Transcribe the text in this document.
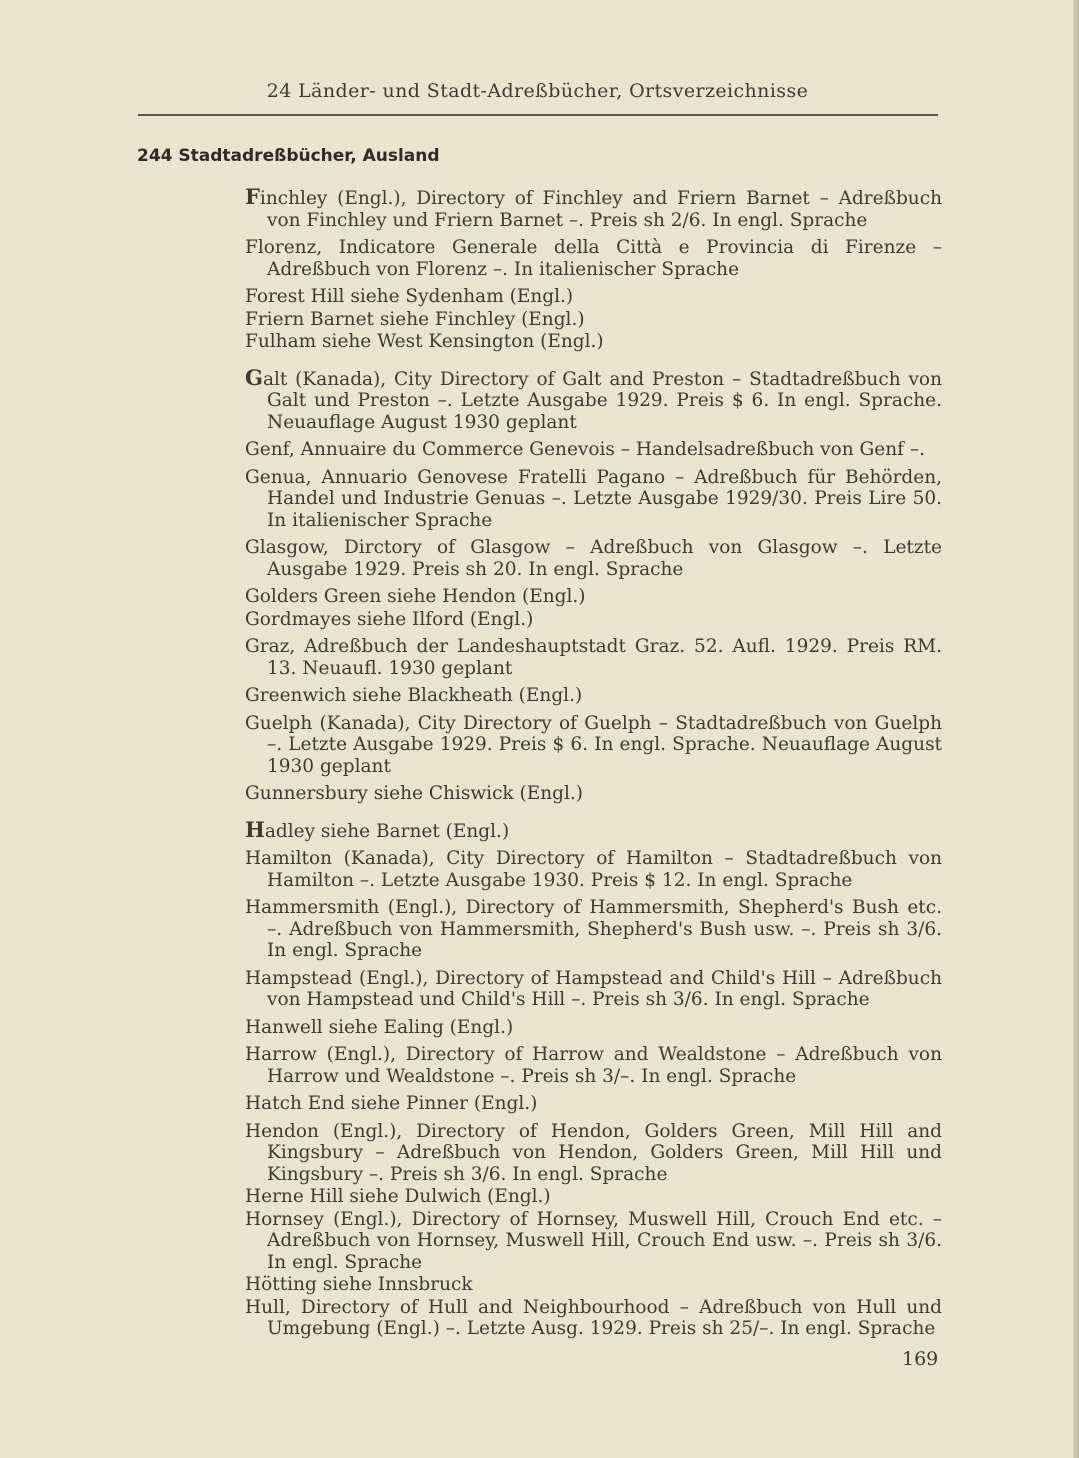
24 Länder- und Stadt-Adreßbücher, Ortsverzeichnisse
244 Stadtadreßbücher, Ausland

Finchley (Engl.), Directory of Finchley and Friern Barnet – Adreßbuch von Finchley und Friern Barnet –. Preis sh 2/6. In engl. Sprache

Florenz, Indicatore Generale della Città e Provincia di Firenze – Adreßbuch von Florenz –. In italienischer Sprache

Forest Hill siehe Sydenham (Engl.)

Friern Barnet siehe Finchley (Engl.)

Fulham siehe West Kensington (Engl.)

Galt (Kanada), City Directory of Galt and Preston – Stadtadreßbuch von Galt und Preston –. Letzte Ausgabe 1929. Preis $ 6. In engl. Sprache. Neuauflage August 1930 geplant

Genf, Annuaire du Commerce Genevois – Handelsadreßbuch von Genf –.

Genua, Annuario Genovese Fratelli Pagano – Adreßbuch für Behörden, Handel und Industrie Genuas –. Letzte Ausgabe 1929/30. Preis Lire 50. In italienischer Sprache

Glasgow, Dirctory of Glasgow – Adreßbuch von Glasgow –. Letzte Ausgabe 1929. Preis sh 20. In engl. Sprache

Golders Green siehe Hendon (Engl.)

Gordmayes siehe Ilford (Engl.)

Graz, Adreßbuch der Landeshauptstadt Graz. 52. Aufl. 1929. Preis RM. 13. Neuaufl. 1930 geplant

Greenwich siehe Blackheath (Engl.)

Guelph (Kanada), City Directory of Guelph – Stadtadreßbuch von Guelph –. Letzte Ausgabe 1929. Preis $ 6. In engl. Sprache. Neuauflage August 1930 geplant

Gunnersbury siehe Chiswick (Engl.)

Hadley siehe Barnet (Engl.)

Hamilton (Kanada), City Directory of Hamilton – Stadtadreßbuch von Hamilton –. Letzte Ausgabe 1930. Preis $ 12. In engl. Sprache

Hammersmith (Engl.), Directory of Hammersmith, Shepherd's Bush etc. –. Adreßbuch von Hammersmith, Shepherd's Bush usw. –. Preis sh 3/6. In engl. Sprache

Hampstead (Engl.), Directory of Hampstead and Child's Hill – Adreßbuch von Hampstead und Child's Hill –. Preis sh 3/6. In engl. Sprache

Hanwell siehe Ealing (Engl.)

Harrow (Engl.), Directory of Harrow and Wealdstone – Adreßbuch von Harrow und Wealdstone –. Preis sh 3/–. In engl. Sprache

Hatch End siehe Pinner (Engl.)

Hendon (Engl.), Directory of Hendon, Golders Green, Mill Hill and Kingsbury – Adreßbuch von Hendon, Golders Green, Mill Hill und Kingsbury –. Preis sh 3/6. In engl. Sprache

Herne Hill siehe Dulwich (Engl.)

Hornsey (Engl.), Directory of Hornsey, Muswell Hill, Crouch End etc. – Adreßbuch von Hornsey, Muswell Hill, Crouch End usw. –. Preis sh 3/6. In engl. Sprache

Hötting siehe Innsbruck

Hull, Directory of Hull and Neighbourhood – Adreßbuch von Hull und Umgebung (Engl.) –. Letzte Ausg. 1929. Preis sh 25/–. In engl. Sprache

169
